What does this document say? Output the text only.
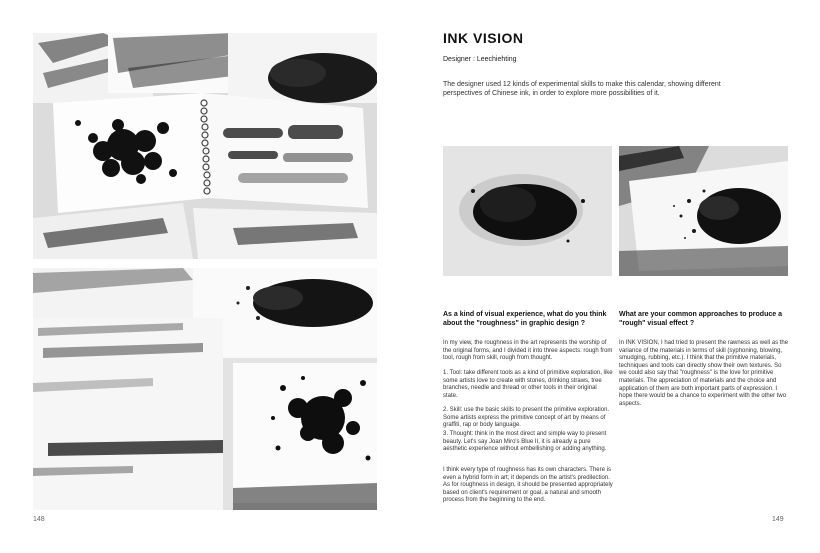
INK VISION
Designer : Leechiehting
The designer used 12 kinds of experimental skills to make this calendar, showing different perspectives of Chinese ink, in order to explore more possibilities of it.
As a kind of visual experience, what do you think about the "roughness" in graphic design ?

In my view, the roughness in the art represents the worship of the original forms, and I divided it into three aspects: rough from tool, rough from skill, rough from thought.

1. Tool: take different tools as a kind of primitive exploration, like some artists love to create with stones, drinking straws, tree branches, needle and thread or other tools in their original state.

2. Skill: use the basic skills to present the primitive exploration. Some artists express the primitive concept of art by means of graffiti, rap or body language.

3. Thought: think in the most direct and simple way to present beauty. Let's say Joan Miro's Blue II, it is already a pure aesthetic experience without embellishing or adding anything.

I think every type of roughness has its own characters. There is even a hybrid form in art; it depends on the artist's predilection. As for roughness in design, it should be presented appropriately based on client's requirement or goal, a natural and smooth process from the beginning to the end.

What are your common approaches to produce a "rough" visual effect ?

In INK VISION, I had tried to present the rawness as well as the variance of the materials in terms of skill (syphoning, blowing, smudging, rubbing, etc.). I think that the primitive materials, techniques and tools can directly show their own textures. So we could also say that "roughness" is the love for primitive materials. The appreciation of materials and the choice and application of them are both important parts of expression. I hope there would be a chance to experiment with the other two aspects.

148	149
